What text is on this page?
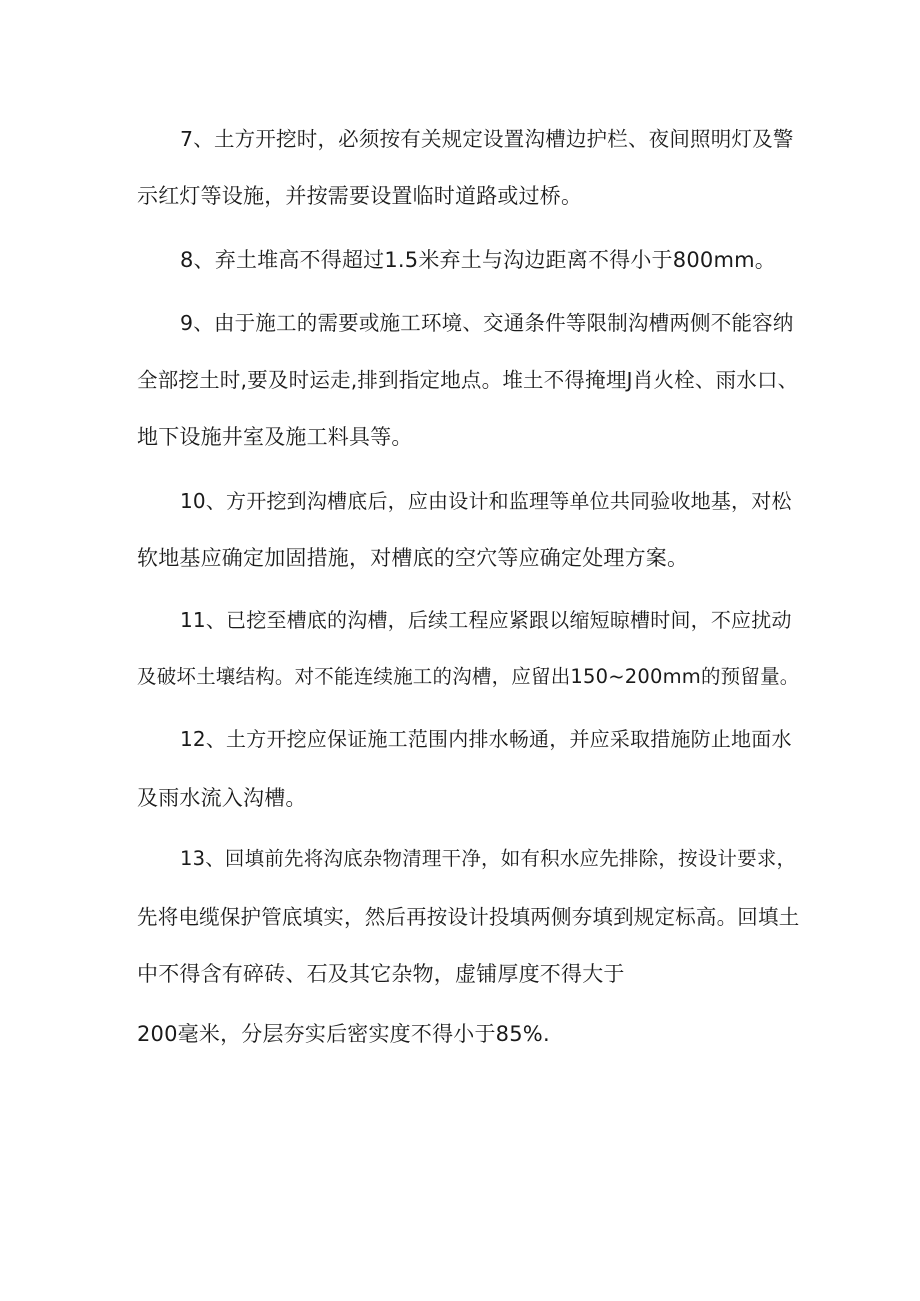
7、土方开挖时，必须按有关规定设置沟槽边护栏、夜间照明灯及警
示红灯等设施，并按需要设置临时道路或过桥。
8、弃土堆高不得超过1.5米弃土与沟边距离不得小于800mm。
9、由于施工的需要或施工环境、交通条件等限制沟槽两侧不能容纳
全部挖土时,要及时运走,排到指定地点。堆土不得掩埋J肖火栓、雨水口、
地下设施井室及施工料具等。
10、方开挖到沟槽底后，应由设计和监理等单位共同验收地基，对松
软地基应确定加固措施，对槽底的空穴等应确定处理方案。
11、已挖至槽底的沟槽，后续工程应紧跟以缩短晾槽时间，不应扰动
及破坏土壤结构。对不能连续施工的沟槽，应留出150~200mm的预留量。
12、土方开挖应保证施工范围内排水畅通，并应采取措施防止地面水
及雨水流入沟槽。
13、回填前先将沟底杂物清理干净，如有积水应先排除，按设计要求，
先将电缆保护管底填实，然后再按设计投填两侧夯填到规定标高。回填土
中不得含有碎砖、石及其它杂物，虚铺厚度不得大于
200毫米，分层夯实后密实度不得小于85%.
